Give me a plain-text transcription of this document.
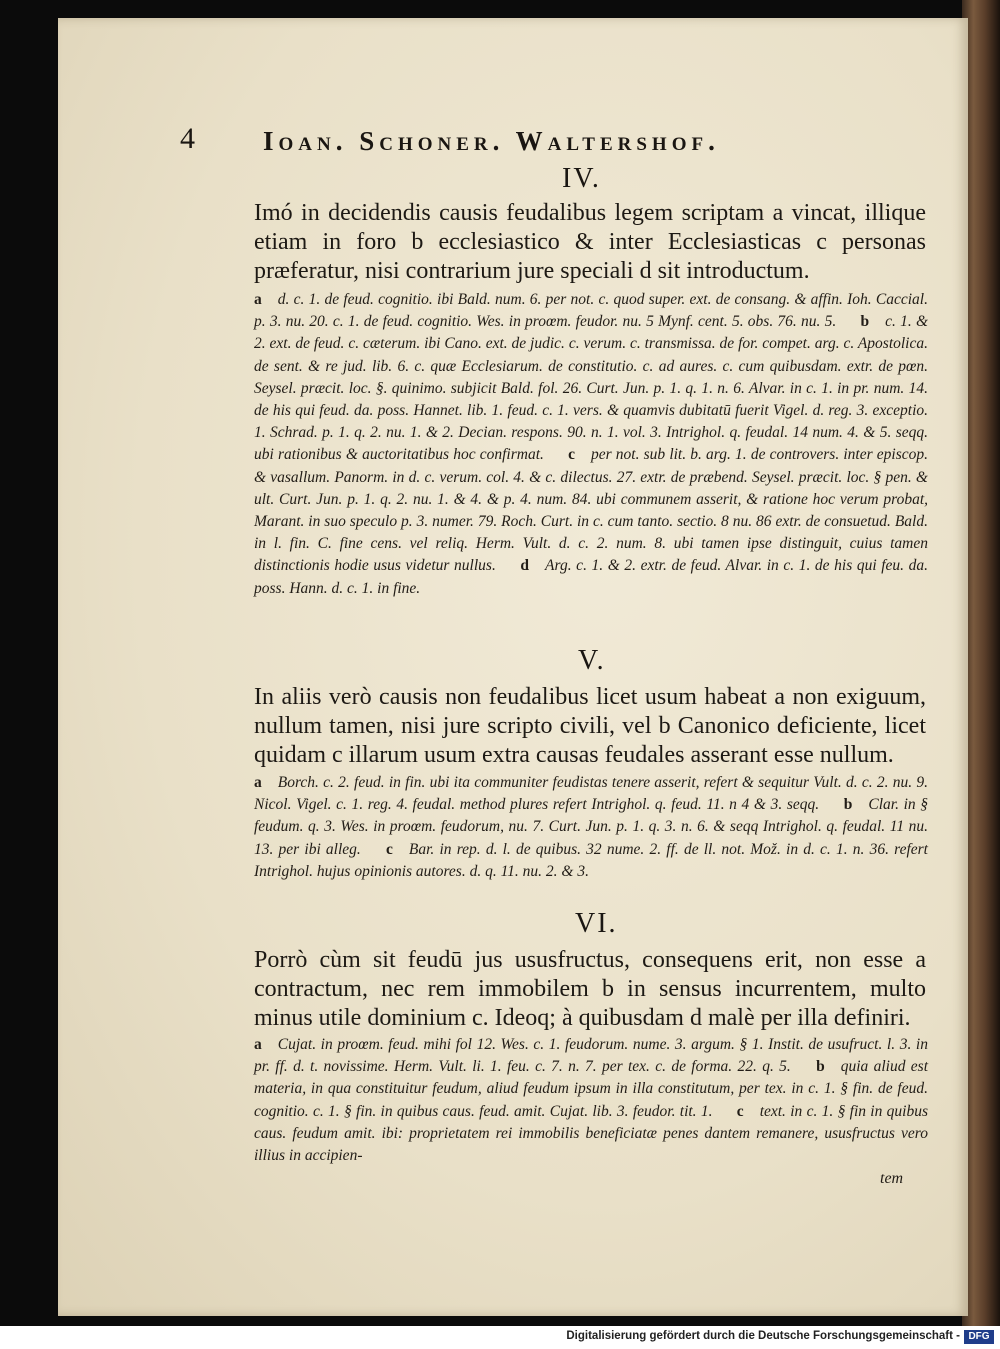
4	Ioan. Schoner. Waltershof.
IV.
Imó in decidendis causis feudalibus legem scriptam a vincat, illique etiam in foro b ecclesiastico & inter Ecclesiasticas c personas præferatur, nisi contrarium jure speciali d sit introductum.
a d. c. 1. de feud. cognitio. ibi Bald. num. 6. per not. c. quod super. ext. de consang. & affin. Ioh. Caccial. p. 3. nu. 20. c. 1. de feud. cognitio. Wes. in proœm. feudor. nu. 5 Mynf. cent. 5. obs. 76. nu. 5. b c. 1. & 2. ext. de feud. c. cæterum. ibi Cano. ext. de judic. c. verum. c. transmissa. de for. compet. arg. c. Apostolica. de sent. & re jud. lib. 6. c. quæ Ecclesiarum. de constitutio. c. ad aures. c. cum quibusdam. extr. de pœn. Seysel. præcit. loc. §. quinimo. subjicit Bald. fol. 26. Curt. Jun. p. 1. q. 1. n. 6. Alvar. in c. 1. in pr. num. 14. de his qui feud. da. poss. Hannet. lib. 1. feud. c. 1. vers. & quamvis dubitatū fuerit Vigel. d. reg. 3. exceptio. 1. Schrad. p. 1. q. 2. nu. 1. & 2. Decian. respons. 90. n. 1. vol. 3. Intrighol. q. feudal. 14 num. 4. & 5. seqq. ubi rationibus & auctoritatibus hoc confirmat. c per not. sub lit. b. arg. 1. de controvers. inter episcop. & vasallum. Panorm. in d. c. verum. col. 4. & c. dilectus. 27. extr. de præbend. Seysel. præcit. loc. § pen. & ult. Curt. Jun. p. 1. q. 2. nu. 1. & 4. & p. 4. num. 84. ubi communem asserit, & ratione hoc verum probat, Marant. in suo speculo p. 3. numer. 79. Roch. Curt. in c. cum tanto. sectio. 8 nu. 86 extr. de consuetud. Bald. in l. fin. C. fine cens. vel reliq. Herm. Vult. d. c. 2. num. 8. ubi tamen ipse distinguit, cuius tamen distinctionis hodie usus videtur nullus. d Arg. c. 1. & 2. extr. de feud. Alvar. in c. 1. de his qui feu. da. poss. Hann. d. c. 1. in fine.
V.
In aliis verò causis non feudalibus licet usum habeat a non exiguum, nullum tamen, nisi jure scripto civili, vel b Canonico deficiente, licet quidam c illarum usum extra causas feudales asserant esse nullum.
a Borch. c. 2. feud. in fin. ubi ita communiter feudistas tenere asserit, refert & sequitur Vult. d. c. 2. nu. 9. Nicol. Vigel. c. 1. reg. 4. feudal. method plures refert Intrighol. q. feud. 11. n 4 & 3. seqq. b Clar. in § feudum. q. 3. Wes. in proœm. feudorum, nu. 7. Curt. Jun. p. 1. q. 3. n. 6. & seqq Intrighol. q. feudal. 11 nu. 13. per ibi alleg. c Bar. in rep. d. l. de quibus. 32 nume. 2. ff. de ll. not. Mož. in d. c. 1. n. 36. refert Intrighol. hujus opinionis autores. d. q. 11. nu. 2. & 3.
VI.
Porrò cùm sit feudū jus ususfructus, consequens erit, non esse a contractum, nec rem immobilem b in sensus incurrentem, multo minus utile dominium c. Ideoq; à quibusdam d malè per illa definiri.
a Cujat. in proœm. feud. mihi fol 12. Wes. c. 1. feudorum. nume. 3. argum. § 1. Instit. de usufruct. l. 3. in pr. ff. d. t. novissime. Herm. Vult. li. 1. feu. c. 7. n. 7. per tex. c. de forma. 22. q. 5. b quia aliud est materia, in qua constituitur feudum, aliud feudum ipsum in illa constitutum, per tex. in c. 1. § fin. de feud. cognitio. c. 1. § fin. in quibus caus. feud. amit. Cujat. lib. 3. feudor. tit. 1. c text. in c. 1. § fin in quibus caus. feudum amit. ibi: proprietatem rei immobilis beneficiatæ penes dantem remanere, ususfructus vero illius in accipien-
tem
Digitalisierung gefördert durch die Deutsche Forschungsgemeinschaft - DFG
